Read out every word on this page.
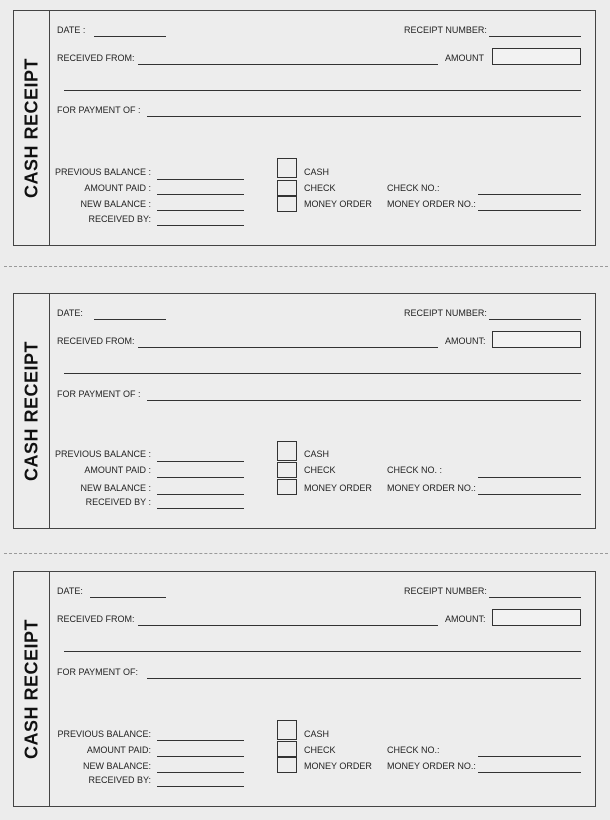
CASH RECEIPT
DATE :	RECEIPT NUMBER:
RECEIVED FROM:	AMOUNT
FOR PAYMENT OF :
PREVIOUS BALANCE :
AMOUNT PAID :
NEW BALANCE :
RECEIVED BY:
CASH
CHECK
MONEY ORDER
CHECK NO.:
MONEY ORDER NO.:
CASH RECEIPT
DATE:	RECEIPT NUMBER:
RECEIVED FROM:	AMOUNT:
FOR PAYMENT OF :
PREVIOUS BALANCE :
AMOUNT PAID :
NEW BALANCE :
RECEIVED BY :
CASH
CHECK
MONEY ORDER
CHECK NO. :
MONEY ORDER NO.:
CASH RECEIPT
DATE:	RECEIPT NUMBER:
RECEIVED FROM:	AMOUNT:
FOR PAYMENT OF:
PREVIOUS BALANCE:
AMOUNT PAID:
NEW BALANCE:
RECEIVED BY:
CASH
CHECK
MONEY ORDER
CHECK NO.:
MONEY ORDER NO.:
